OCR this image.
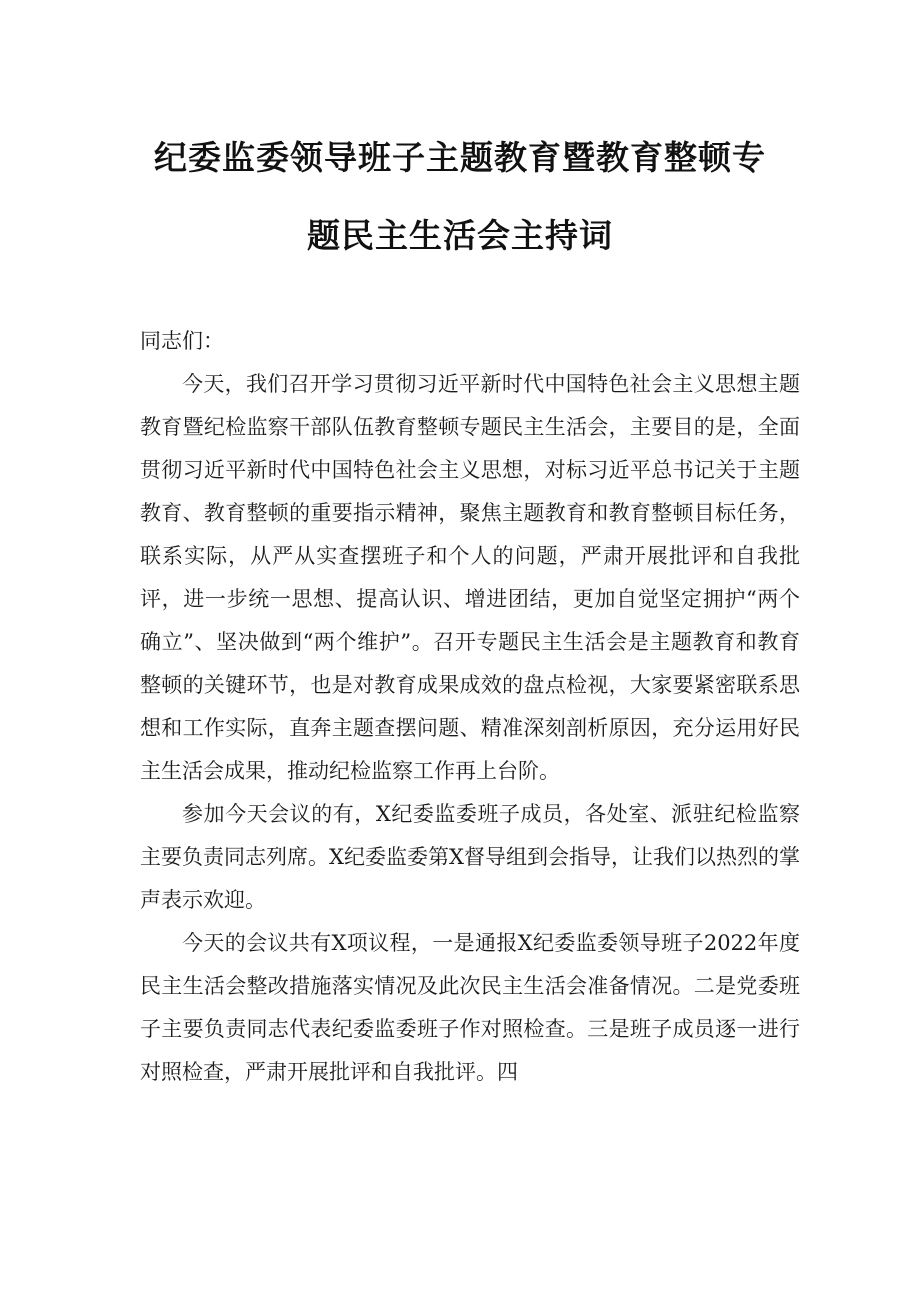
纪委监委领导班子主题教育暨教育整顿专
题民主生活会主持词

同志们：

今天，我们召开学习贯彻习近平新时代中国特色社会主义思想主题教育暨纪检监察干部队伍教育整顿专题民主生活会，主要目的是，全面贯彻习近平新时代中国特色社会主义思想，对标习近平总书记关于主题教育、教育整顿的重要指示精神，聚焦主题教育和教育整顿目标任务，联系实际，从严从实查摆班子和个人的问题，严肃开展批评和自我批评，进一步统一思想、提高认识、增进团结，更加自觉坚定拥护“两个确立”、坚决做到“两个维护”。召开专题民主生活会是主题教育和教育整顿的关键环节，也是对教育成果成效的盘点检视，大家要紧密联系思想和工作实际，直奔主题查摆问题、精准深刻剖析原因，充分运用好民主生活会成果，推动纪检监察工作再上台阶。

参加今天会议的有，X纪委监委班子成员，各处室、派驻纪检监察主要负责同志列席。X纪委监委第X督导组到会指导，让我们以热烈的掌声表示欢迎。

今天的会议共有X项议程，一是通报X纪委监委领导班子2022年度民主生活会整改措施落实情况及此次民主生活会准备情况。二是党委班子主要负责同志代表纪委监委班子作对照检查。三是班子成员逐一进行对照检查，严肃开展批评和自我批评。四
